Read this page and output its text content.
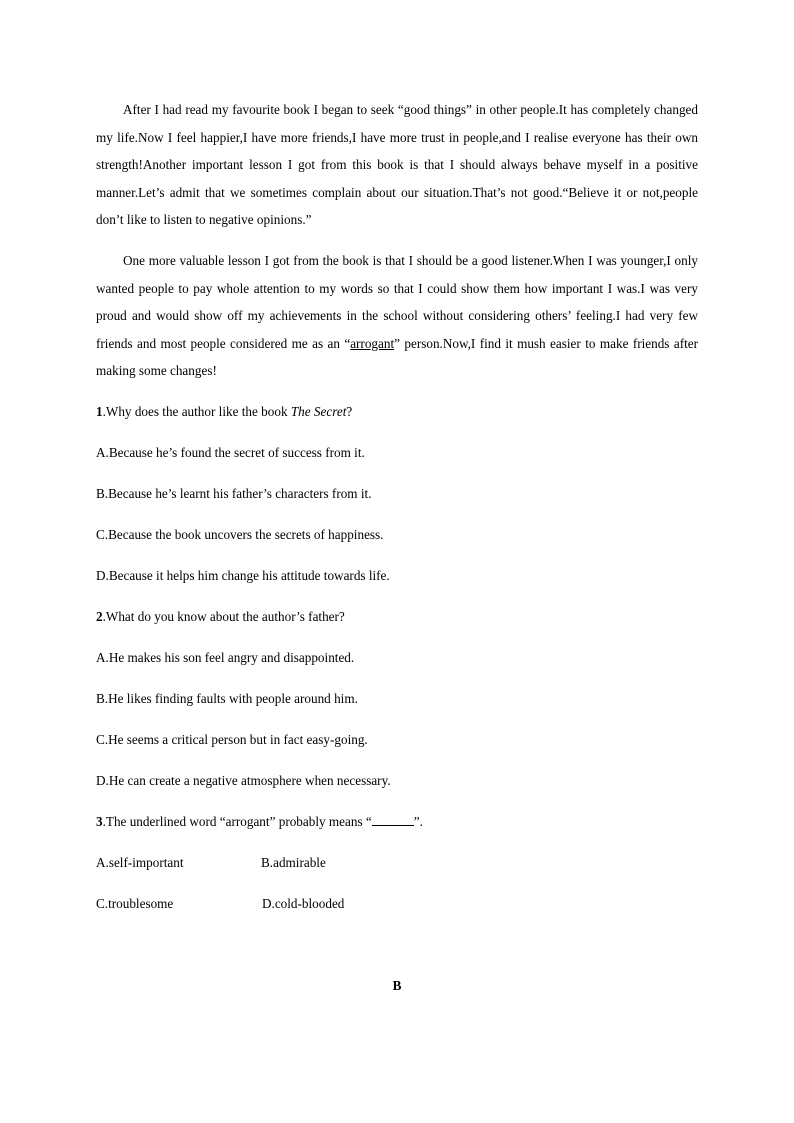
After I had read my favourite book I began to seek “good things” in other people.It has completely changed my life.Now I feel happier,I have more friends,I have more trust in people,and I realise everyone has their own strength!Another important lesson I got from this book is that I should always behave myself in a positive manner.Let’s admit that we sometimes complain about our situation.That’s not good.“Believe it or not,people don’t like to listen to negative opinions.”

One more valuable lesson I got from the book is that I should be a good listener.When I was younger,I only wanted people to pay whole attention to my words so that I could show them how important I was.I was very proud and would show off my achievements in the school without considering others’ feeling.I had very few friends and most people considered me as an “arrogant” person.Now,I find it mush easier to make friends after making some changes!

1.Why does the author like the book The Secret?

A.Because he’s found the secret of success from it.

B.Because he’s learnt his father’s characters from it.

C.Because the book uncovers the secrets of happiness.

D.Because it helps him change his attitude towards life.

2.What do you know about the author’s father?

A.He makes his son feel angry and disappointed.

B.He likes finding faults with people around him.

C.He seems a critical person but in fact easy-going.

D.He can create a negative atmosphere when necessary.

3.The underlined word “arrogant” probably means “	”.

A.self-important	B.admirable
C.troublesome	D.cold-blooded
B
